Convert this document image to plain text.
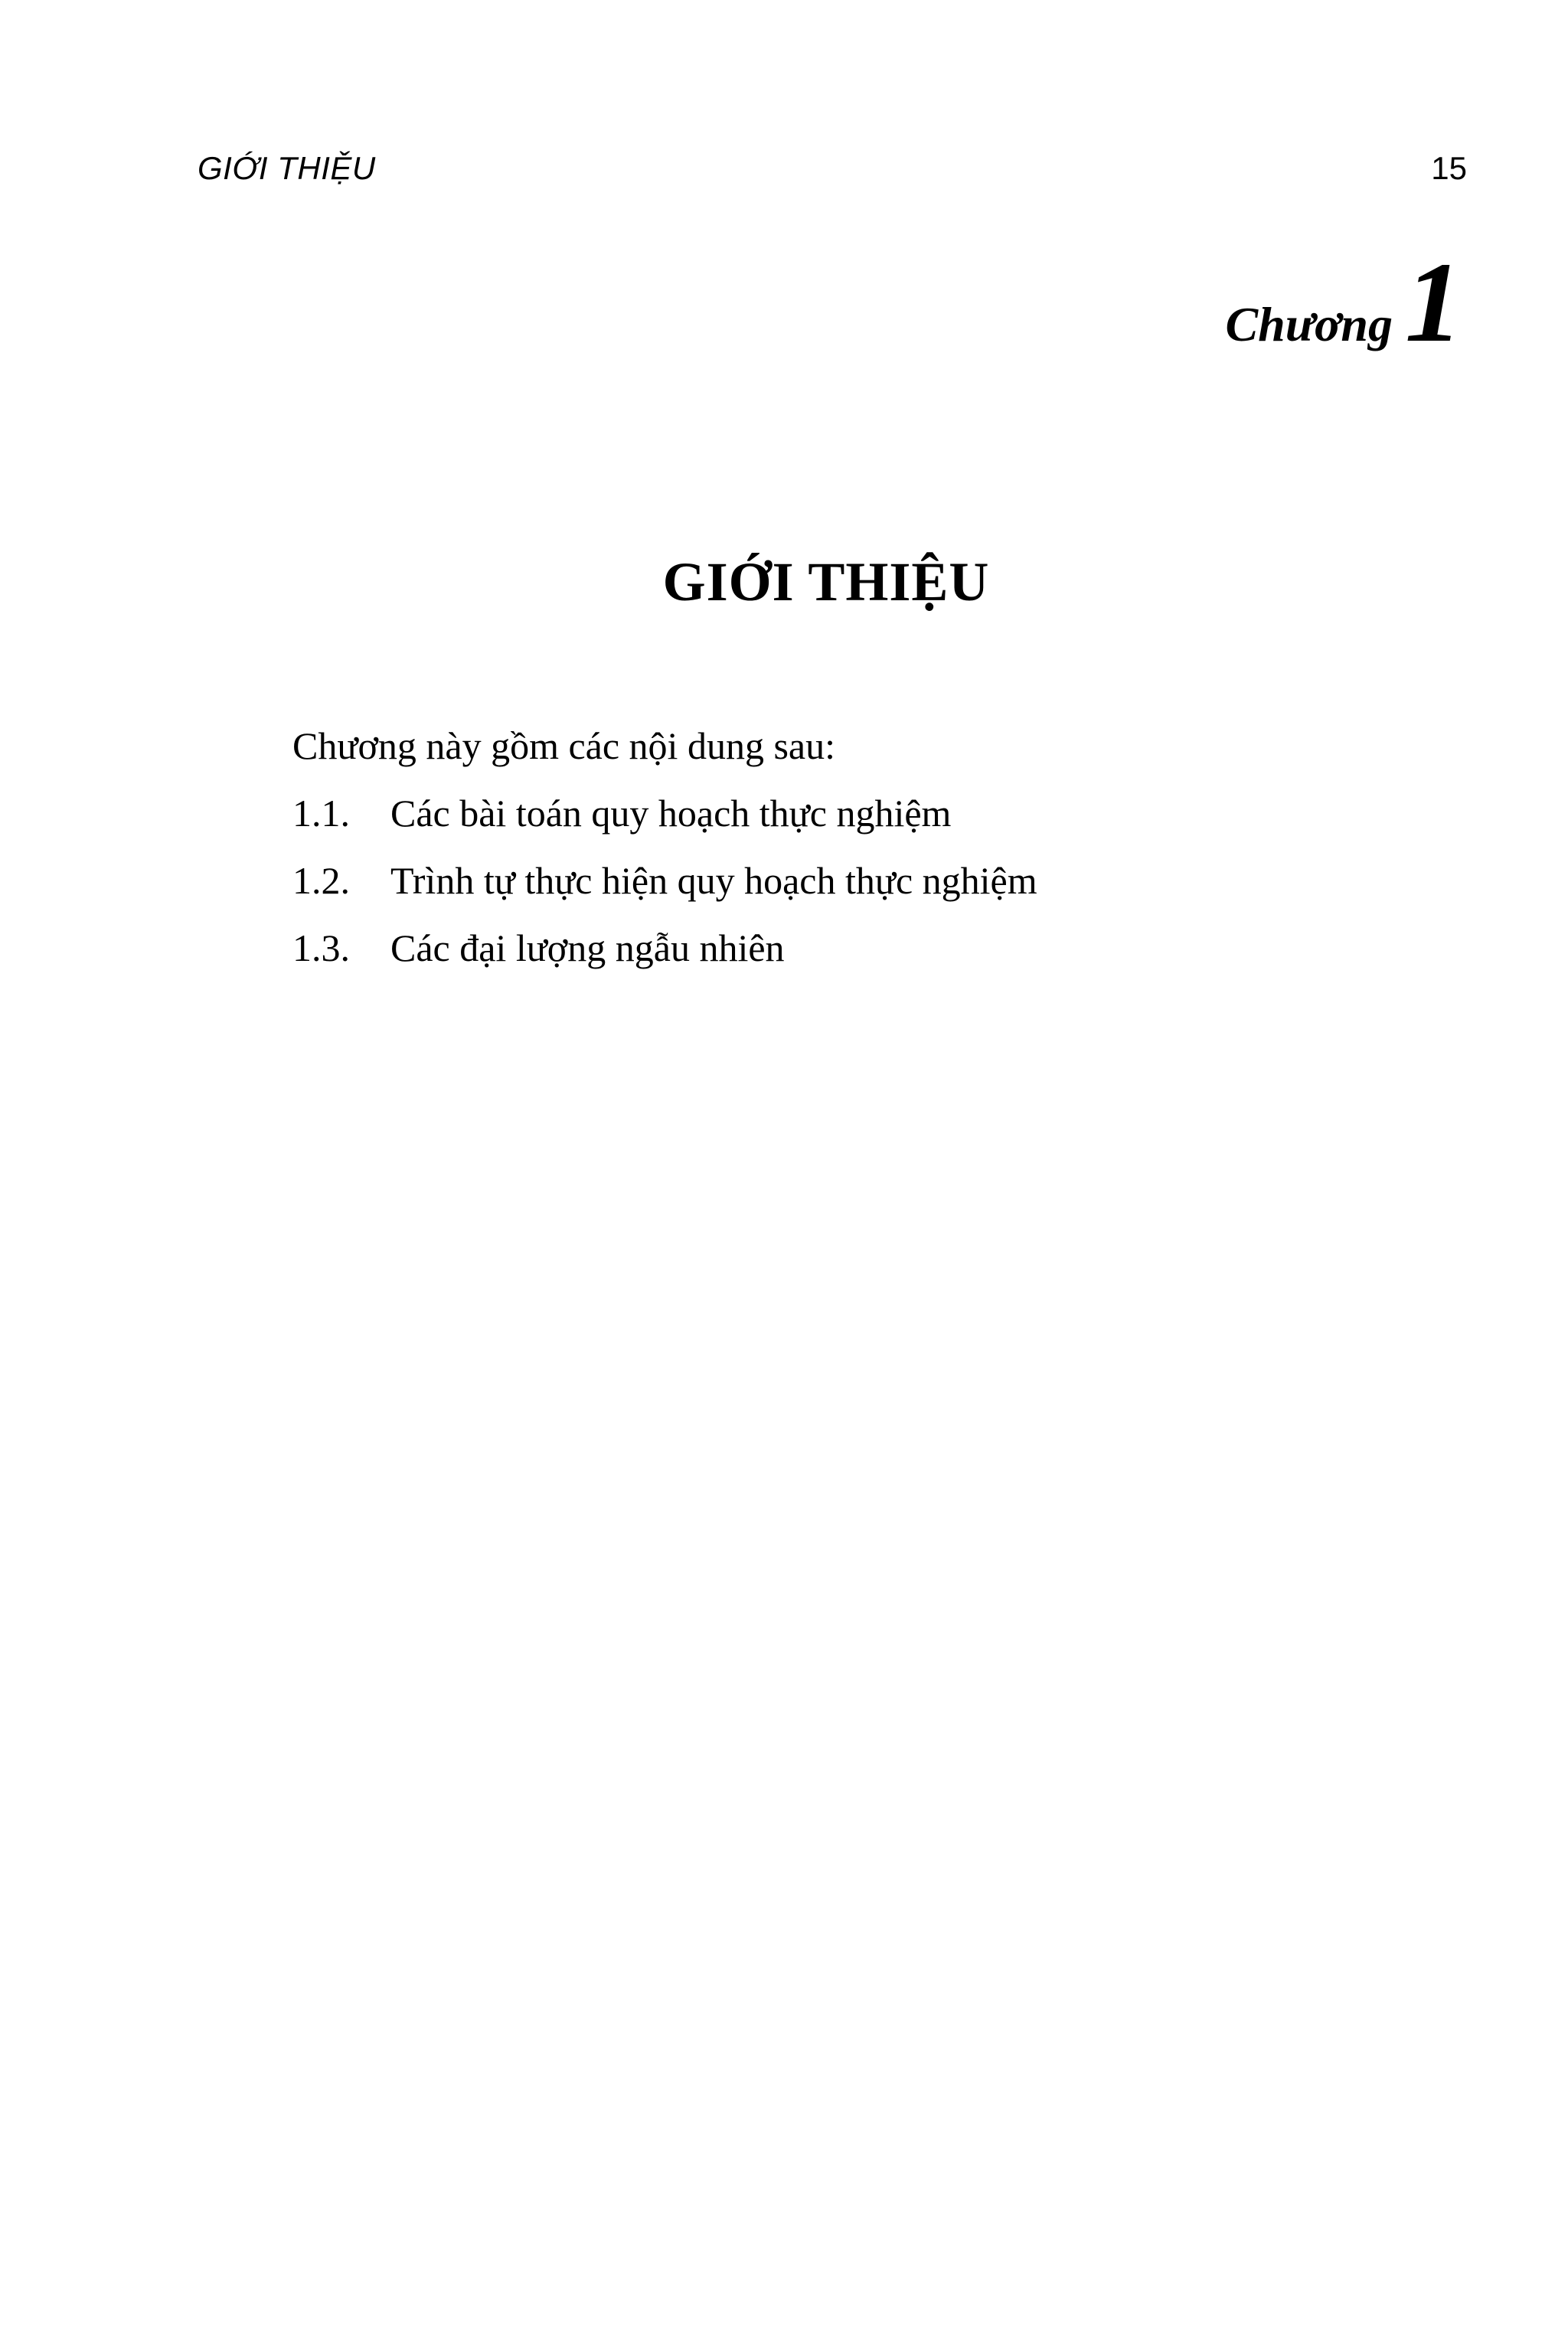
GIỚI THIỆU	15
Chương 1
GIỚI THIỆU

Chương này gồm các nội dung sau:

1.1.	Các bài toán quy hoạch thực nghiệm
1.2.	Trình tự thực hiện quy hoạch thực nghiệm
1.3.	Các đại lượng ngẫu nhiên
